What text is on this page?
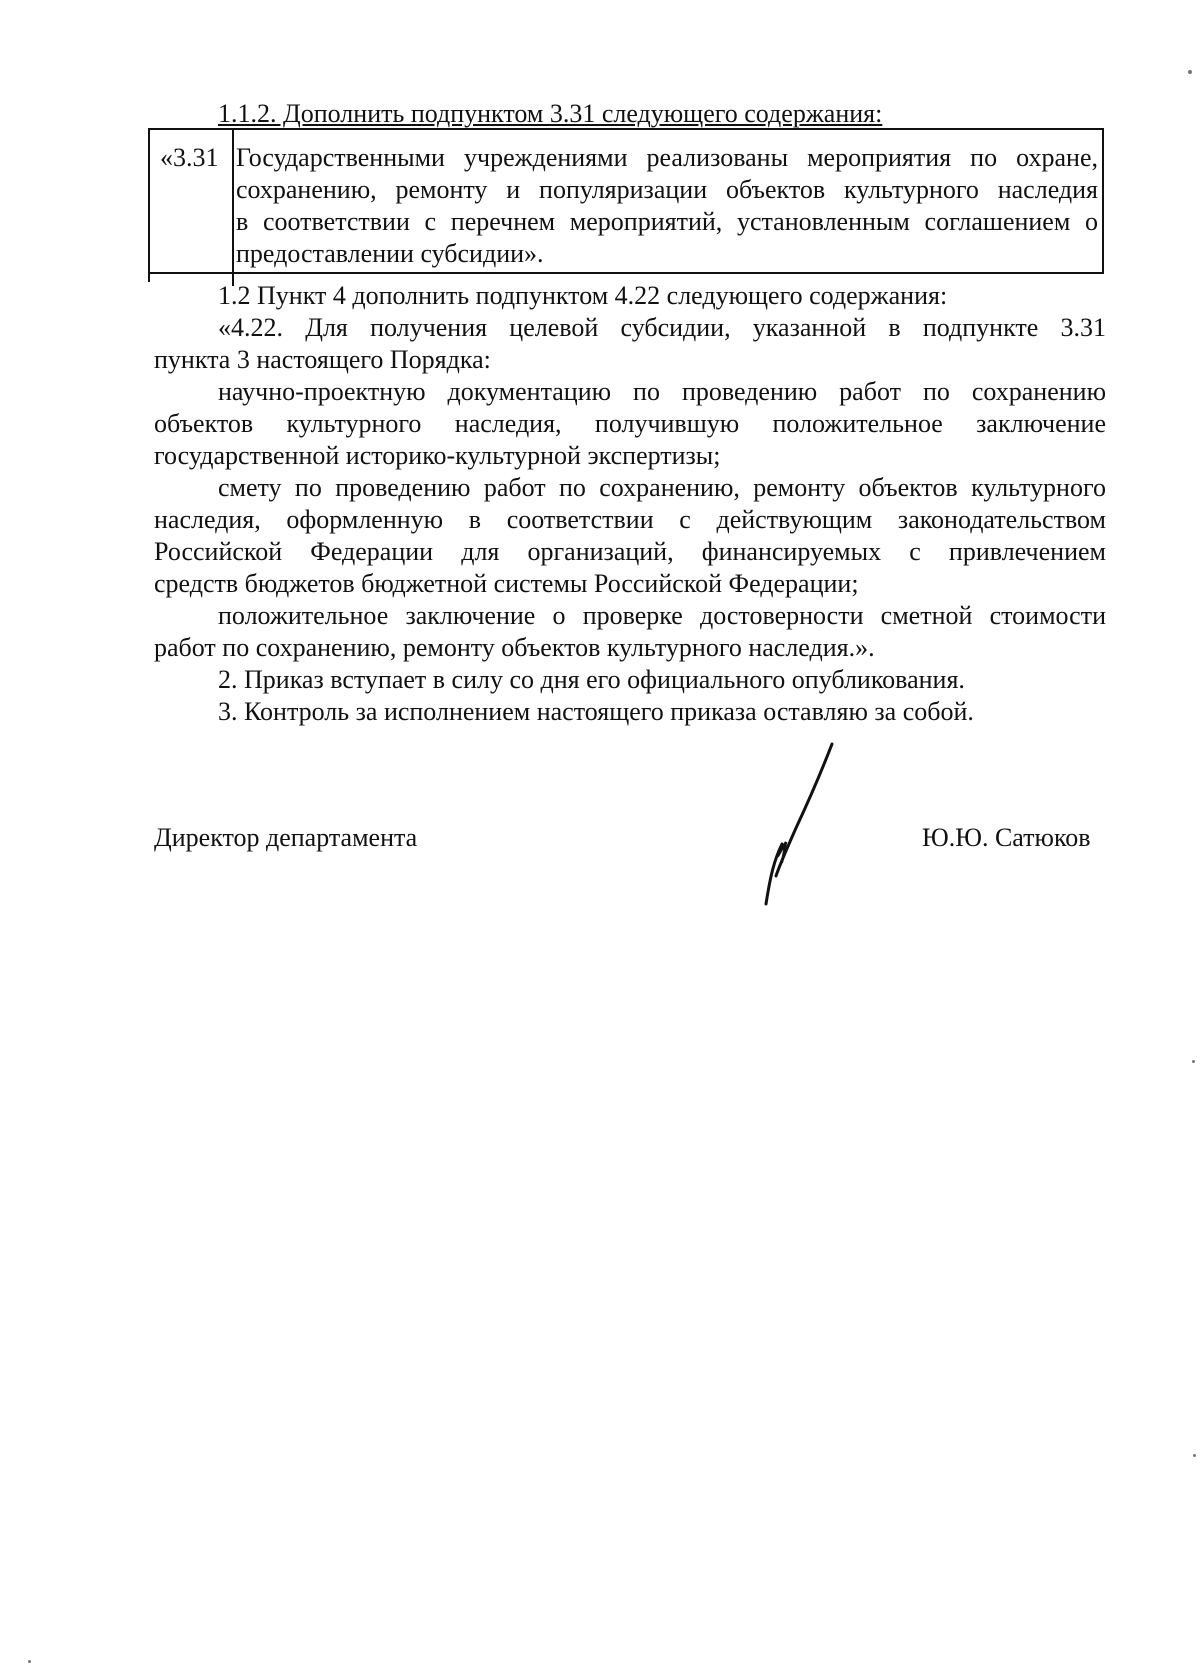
1.1.2. Дополнить подпунктом 3.31 следующего содержания:

«3.31 Государственными учреждениями реализованы мероприятия по охране,

сохранению, ремонту и популяризации объектов культурного наследия

в соответствии с перечнем мероприятий, установленным соглашением о

предоставлении субсидии».

1.2 Пункт 4 дополнить подпунктом 4.22 следующего содержания:

«4.22. Для получения целевой субсидии, указанной в подпункте 3.31

пункта 3 настоящего Порядка:

научно-проектную документацию по проведению работ по сохранению

объектов культурного наследия, получившую положительное заключение

государственной историко-культурной экспертизы;

смету по проведению работ по сохранению, ремонту объектов культурного

наследия, оформленную в соответствии с действующим законодательством

Российской Федерации для организаций, финансируемых с привлечением

средств бюджетов бюджетной системы Российской Федерации;

положительное заключение о проверке достоверности сметной стоимости

работ по сохранению, ремонту объектов культурного наследия.».

2. Приказ вступает в силу со дня его официального опубликования.

3. Контроль за исполнением настоящего приказа оставляю за собой.

Директор департамента	Ю.Ю. Сатюков
